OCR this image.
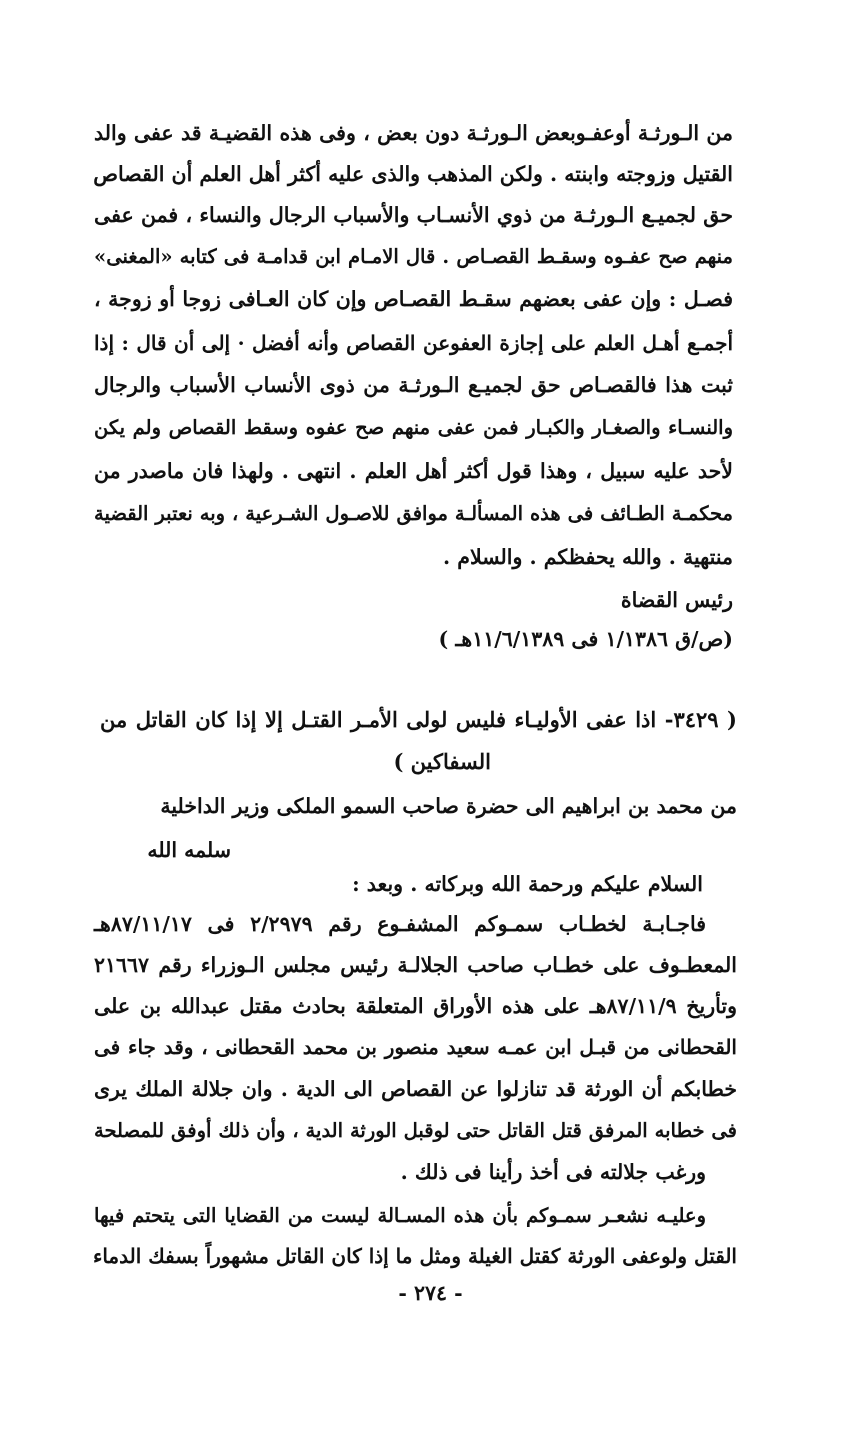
من الـورثـة أوعفـوبعض الـورثـة دون بعض ، وفى هذه القضيـة قد عفى والد

القتيل وزوجته وابنته . ولكن المذهب والذى عليه أكثر أهل العلم أن القصاص

حق لجميـع الـورثـة من ذوي الأنسـاب والأسباب الرجال والنساء ، فمن عفى

منهم صح عفـوه وسقـط القصـاص . قال الامـام ابن قدامـة فى كتابه «المغنى»

فصـل : وإن عفى بعضهم سقـط القصـاص وإن كان العـافى زوجا أو زوجة ،

أجمـع أهـل العلم على إجازة العفوعن القصاص وأنه أفضل · إلى أن قال : إذا

ثبت هذا فالقصـاص حق لجميـع الـورثـة من ذوى الأنساب الأسباب والرجال

والنسـاء والصغـار والكبـار فمن عفى منهم صح عفوه وسقط القصاص ولم يكن

لأحد عليه سبيل ، وهذا قول أكثر أهل العلم . انتهى . ولهذا فان ماصدر من

محكمـة الطـائف فى هذه المسألـة موافق للاصـول الشـرعية ، وبه نعتبر القضية

منتهية . والله يحفظكم . والسلام .

رئيس القضاة

(ص/ق ١/١٣٨٦ فى ١١/٦/١٣٨٩هـ )

( ٣٤٢٩- اذا عفى الأوليـاء فليس لولى الأمـر القتـل إلا إذا كان القاتل من

السفاكين )

من محمد بن ابراهيم الى حضرة صاحب السمو الملكى وزير الداخلية

سلمه الله

السلام عليكم ورحمة الله وبركاته . وبعد :

فاجـابـة لخطـاب سمـوكم المشفـوع رقم ٢/٢٩٧٩ فى ٨٧/١١/١٧هـ

المعطـوف على خطـاب صاحب الجلالـة رئيس مجلس الـوزراء رقم ٢١٦٦٧

وتأريخ ٨٧/١١/٩هـ على هذه الأوراق المتعلقة بحادث مقتل عبدالله بن على

القحطانى من قبـل ابن عمـه سعيد منصور بن محمد القحطانى ، وقد جاء فى

خطابكم أن الورثة قد تنازلوا عن القصاص الى الدية . وان جلالة الملك يرى

فى خطابه المرفق قتل القاتل حتى لوقبل الورثة الدية ، وأن ذلك أوفق للمصلحة

ورغب جلالته فى أخذ رأينا فى ذلك .

وعليـه نشعـر سمـوكم بأن هذه المسـالة ليست من القضايا التى يتحتم فيها

القتل ولوعفى الورثة كقتل الغيلة ومثل ما إذا كان القاتل مشهوراً بسفك الدماء

- ٢٧٤ -
